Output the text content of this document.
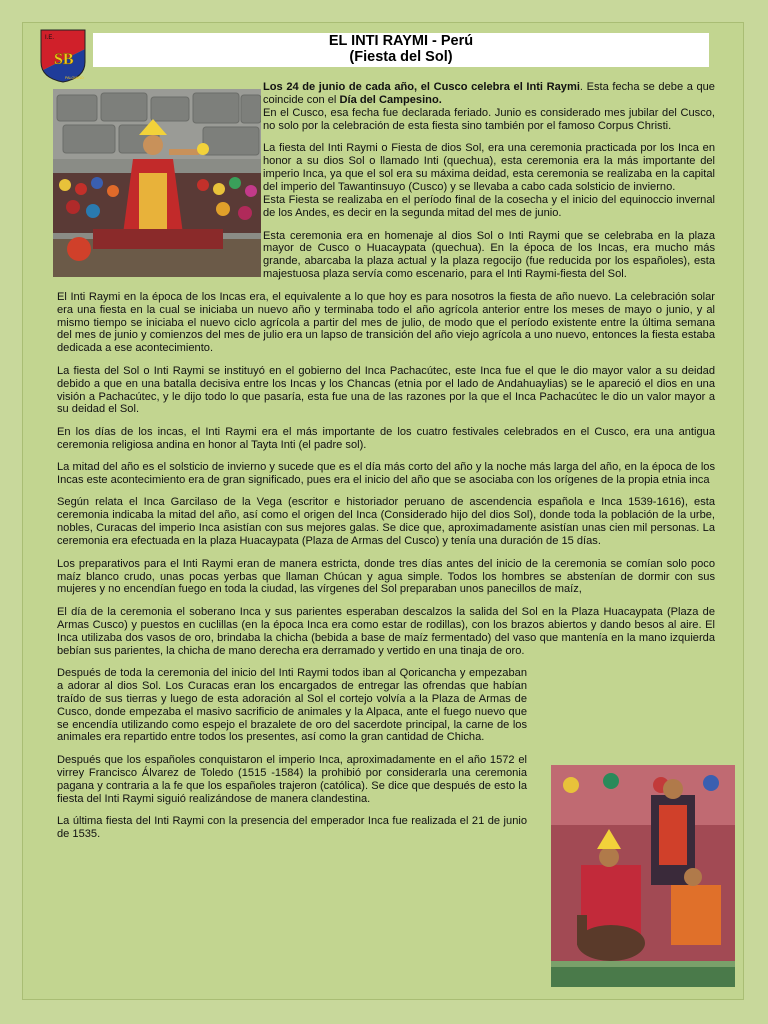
I.E.
SB
PALOMINO
EL INTI RAYMI - Perú
(Fiesta del Sol)

Los 24 de junio de cada año, el Cusco celebra el Inti Raymi. Esta fecha se debe a que coincide con el Día del Campesino.
En el Cusco, esa fecha fue declarada feriado. Junio es considerado mes jubilar del Cusco, no solo por la celebración de esta fiesta sino también por el famoso Corpus Christi.

La fiesta del Inti Raymi o Fiesta de dios Sol, era una ceremonia practicada por los Inca en honor a su dios Sol o llamado Inti (quechua), esta ceremonia era la más importante del imperio Inca, ya que el sol era su máxima deidad, esta ceremonia se realizaba en la capital del imperio del Tawantinsuyo (Cusco) y se llevaba a cabo cada solsticio de invierno.

Esta Fiesta se realizaba en el período final de la cosecha y el inicio del equinoccio invernal de los Andes, es decir en la segunda mitad del mes de junio.

Esta ceremonia era en homenaje al dios Sol o Inti Raymi que se celebraba en la plaza mayor de Cusco o Huacaypata (quechua). En la época de los Incas, era mucho más grande, abarcaba la plaza actual y la plaza regocijo (fue reducida por los españoles), esta majestuosa plaza servía como escenario, para el Inti Raymi-fiesta del Sol.

El Inti Raymi en la época de los Incas era, el equivalente a lo que hoy es para nosotros la fiesta de año nuevo. La celebración solar era una fiesta en la cual se iniciaba un nuevo año y terminaba todo el año agrícola anterior entre los meses de mayo o junio, y al mismo tiempo se iniciaba el nuevo ciclo agrícola a partir del mes de julio, de modo que el período existente entre la última semana del mes de junio y comienzos del mes de julio era un lapso de transición del año viejo agrícola a uno nuevo, entonces la fiesta estaba dedicada a ese acontecimiento.

La fiesta del Sol o Inti Raymi se instituyó en el gobierno del Inca Pachacútec, este Inca fue el que le dio mayor valor a su deidad debido a que en una batalla decisiva entre los Incas y los Chancas (etnia por el lado de Andahuaylias) se le apareció el dios en una visión a Pachacútec, y le dijo todo lo que pasaría, esta fue una de las razones por la que el Inca Pachacútec le dio un valor mayor a su deidad el Sol.

En los días de los incas, el Inti Raymi era el más importante de los cuatro festivales celebrados en el Cusco, era una antigua ceremonia religiosa andina en honor al Tayta Inti (el padre sol).

La mitad del año es el solsticio de invierno y sucede que es el día más corto del año y la noche más larga del año, en la época de los Incas este acontecimiento era de gran significado, pues era el inicio del año que se asociaba con los orígenes de la propia etnia inca

Según relata el Inca Garcilaso de la Vega (escritor e historiador peruano de ascendencia española e Inca 1539-1616), esta ceremonia indicaba la mitad del año, así como el origen del Inca (Considerado hijo del dios Sol), donde toda la población de la urbe, nobles, Curacas del imperio Inca asistían con sus mejores galas. Se dice que, aproximadamente asistían unas cien mil personas. La ceremonia era efectuada en la plaza Huacaypata (Plaza de Armas del Cusco) y tenía una duración de 15 días.

Los preparativos para el Inti Raymi eran de manera estricta, donde tres días antes del inicio de la ceremonia se comían solo poco maíz blanco crudo, unas pocas yerbas que llaman Chúcan y agua simple. Todos los hombres se abstenían de dormir con sus mujeres y no encendían fuego en toda la ciudad, las vírgenes del Sol preparaban unos panecillos de maíz,

El día de la ceremonia el soberano Inca y sus parientes esperaban descalzos la salida del Sol en la Plaza Huacaypata (Plaza de Armas Cusco) y puestos en cuclillas (en la época Inca era como estar de rodillas), con los brazos abiertos y dando besos al aire. El Inca utilizaba dos vasos de oro, brindaba la chicha (bebida a base de maíz fermentado) del vaso que mantenía en la mano izquierda bebían sus parientes, la chicha de mano derecha era derramado y vertido en una tinaja de oro.

Después de toda la ceremonia del inicio del Inti Raymi todos iban al Qoricancha y empezaban a adorar al dios Sol. Los Curacas eran los encargados de entregar las ofrendas que habían traído de sus tierras y luego de esta adoración al Sol el cortejo volvía a la Plaza de Armas de Cusco, donde empezaba el masivo sacrificio de animales y la Alpaca, ante el fuego nuevo que se encendía utilizando como espejo el brazalete de oro del sacerdote principal, la carne de los animales era repartido entre todos los presentes, así como la gran cantidad de Chicha.

Después que los españoles conquistaron el imperio Inca, aproximadamente en el año 1572 el virrey Francisco Álvarez de Toledo (1515 -1584) la prohibió por considerarla una ceremonia pagana y contraria a la fe que los españoles trajeron (católica). Se dice que después de esto la fiesta del Inti Raymi siguió realizándose de manera clandestina.

La última fiesta del Inti Raymi con la presencia del emperador Inca fue realizada el 21 de junio de 1535.
